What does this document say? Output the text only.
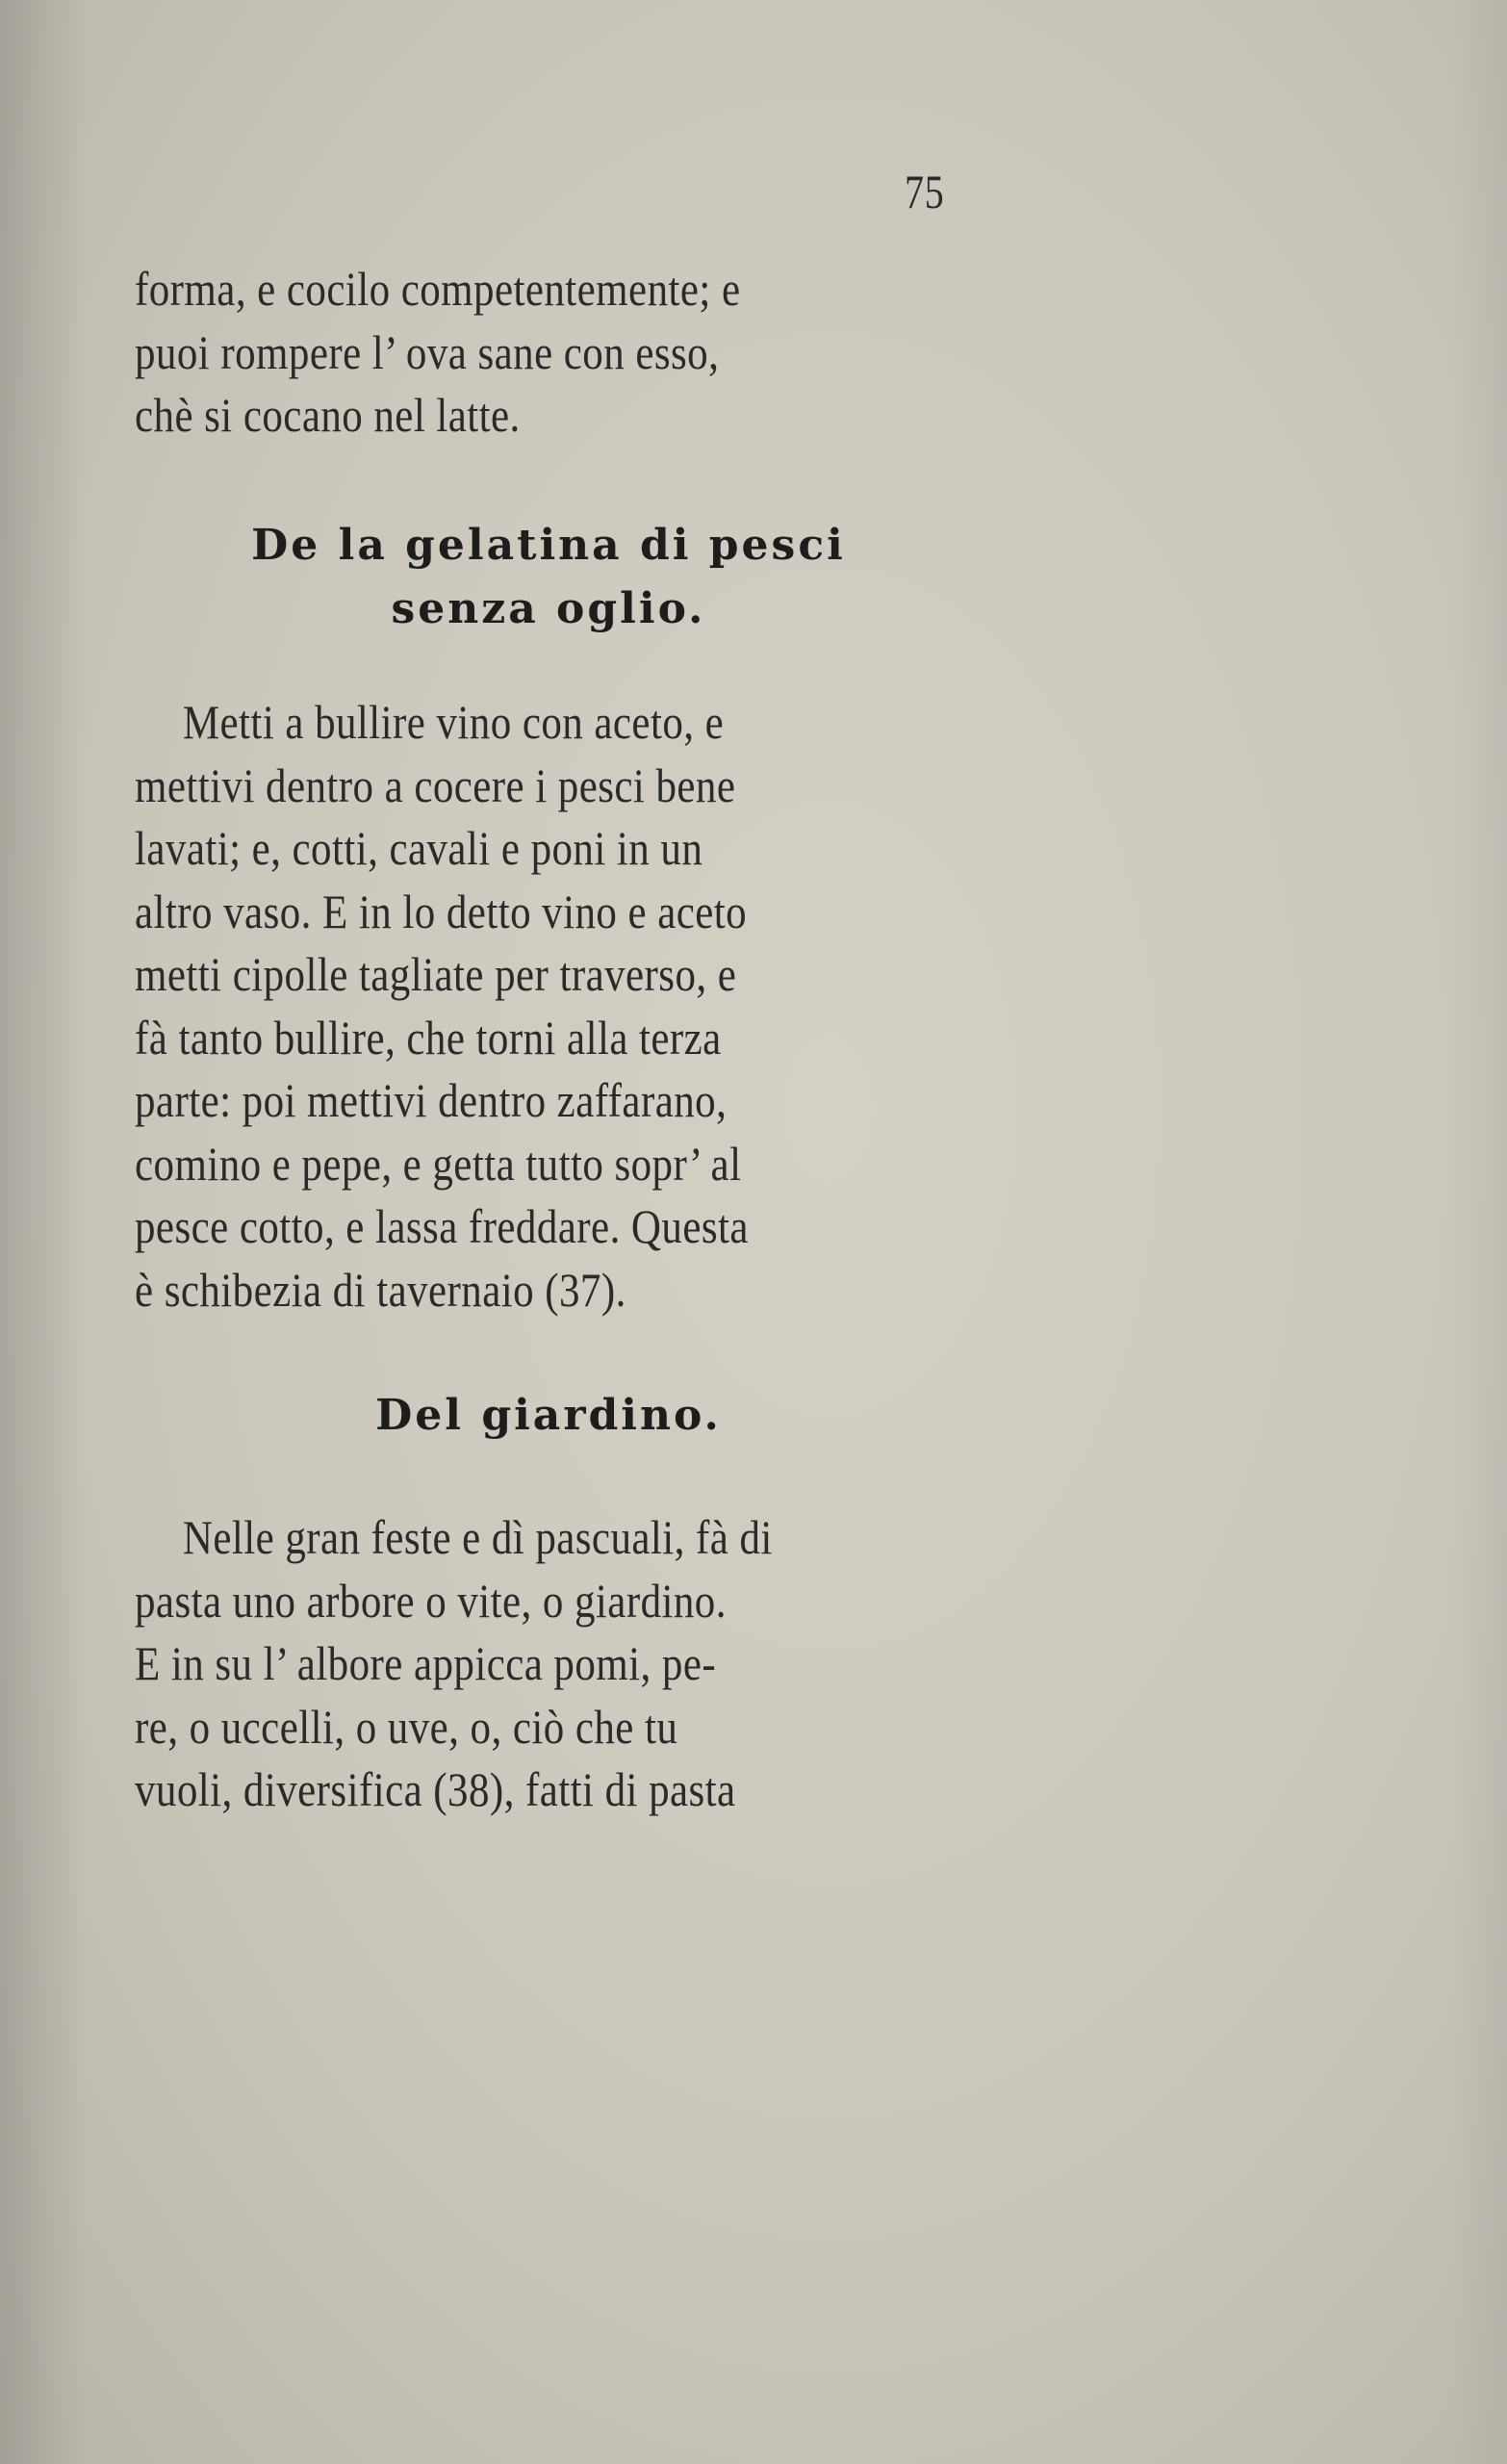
75
forma, e cocilo competentemente; e
puoi rompere l’ ova sane con esso,
chè si cocano nel latte.
De la gelatina di pesci
senza oglio.
Metti a bullire vino con aceto, e
mettivi dentro a cocere i pesci bene
lavati; e, cotti, cavali e poni in un
altro vaso. E in lo detto vino e aceto
metti cipolle tagliate per traverso, e
fà tanto bullire, che torni alla terza
parte: poi mettivi dentro zaffarano,
comino e pepe, e getta tutto sopr’ al
pesce cotto, e lassa freddare. Questa
è schibezia di tavernaio (37).
Del giardino.
Nelle gran feste e dì pascuali, fà di
pasta uno arbore o vite, o giardino.
E in su l’ albore appicca pomi, pe-
re, o uccelli, o uve, o, ciò che tu
vuoli, diversifica (38), fatti di pasta
